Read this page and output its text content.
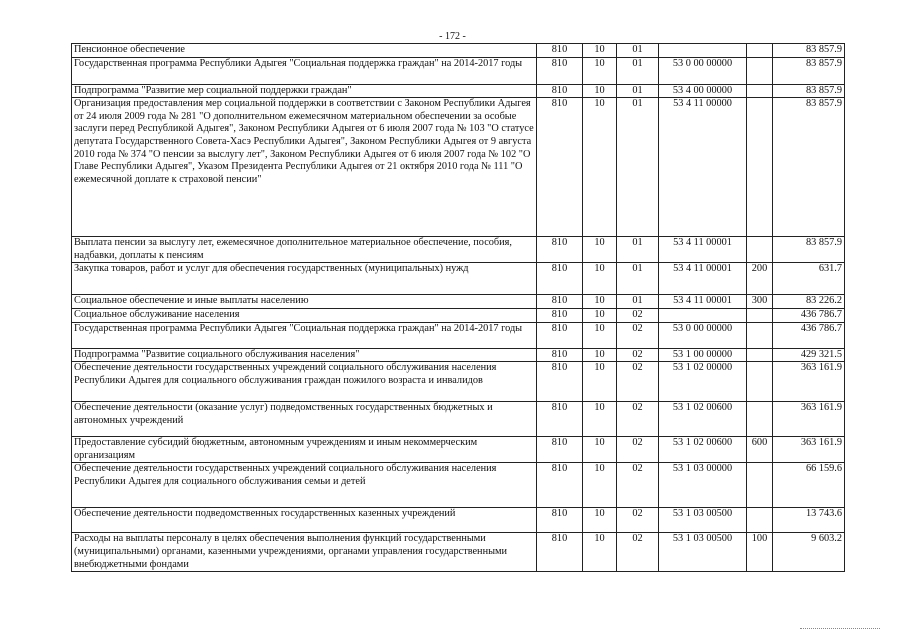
- 172 -
Пенсионное обеспечение	810	10	01			83 857.9
Государственная программа Республики Адыгея "Социальная поддержка граждан" на 2014-2017 годы	810	10	01	53 0 00 00000		83 857.9
Подпрограмма "Развитие мер социальной поддержки граждан"	810	10	01	53 4 00 00000		83 857.9
Организация предоставления мер социальной поддержки в соответствии с Законом Республики Адыгея от 24 июля 2009 года № 281 "О дополнительном ежемесячном материальном обеспечении за особые заслуги перед Республикой Адыгея", Законом Республики Адыгея от 6 июля 2007 года № 103 "О статусе депутата Государственного Совета-Хасэ Республики Адыгея", Законом Республики Адыгея от 9 августа 2010 года № 374 "О пенсии за выслугу лет", Законом Республики Адыгея от 6 июля 2007 года № 102 "О Главе Республики Адыгея", Указом Президента Республики Адыгея от 21 октября 2010 года № 111 "О ежемесячной доплате к страховой пенсии"	810	10	01	53 4 11 00000		83 857.9
Выплата пенсии за выслугу лет, ежемесячное дополнительное материальное обеспечение, пособия, надбавки, доплаты к пенсиям	810	10	01	53 4 11 00001		83 857.9
Закупка товаров, работ и услуг для обеспечения государственных (муниципальных) нужд	810	10	01	53 4 11 00001	200	631.7
Социальное обеспечение и иные выплаты населению	810	10	01	53 4 11 00001	300	83 226.2
Социальное обслуживание населения	810	10	02			436 786.7
Государственная программа Республики Адыгея "Социальная поддержка граждан" на 2014-2017 годы	810	10	02	53 0 00 00000		436 786.7
Подпрограмма "Развитие социального обслуживания населения"	810	10	02	53 1 00 00000		429 321.5
Обеспечение деятельности государственных учреждений социального обслуживания населения Республики Адыгея для социального обслуживания граждан пожилого возраста и инвалидов	810	10	02	53 1 02 00000		363 161.9
Обеспечение деятельности (оказание услуг) подведомственных государственных бюджетных и автономных учреждений	810	10	02	53 1 02 00600		363 161.9
Предоставление субсидий бюджетным, автономным учреждениям и иным некоммерческим организациям	810	10	02	53 1 02 00600	600	363 161.9
Обеспечение деятельности государственных учреждений социального обслуживания населения Республики Адыгея для социального обслуживания семьи и детей	810	10	02	53 1 03 00000		66 159.6
Обеспечение деятельности подведомственных государственных казенных учреждений	810	10	02	53 1 03 00500		13 743.6
Расходы на выплаты персоналу в целях обеспечения выполнения функций государственными (муниципальными) органами, казенными учреждениями, органами управления государственными внебюджетными фондами	810	10	02	53 1 03 00500	100	9 603.2
